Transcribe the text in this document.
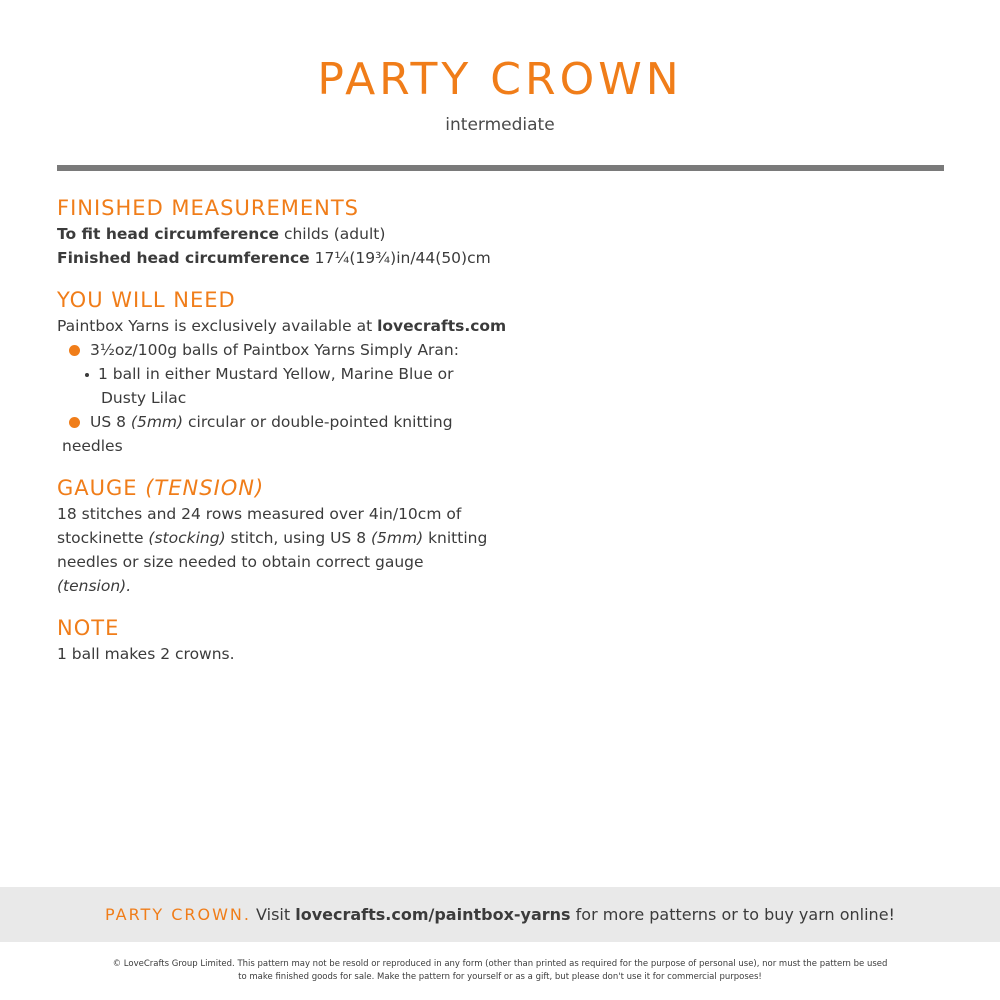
PARTY CROWN
intermediate
FINISHED MEASUREMENTS
To fit head circumference childs (adult)
Finished head circumference 17¼(19¾)in/44(50)cm
YOU WILL NEED
Paintbox Yarns is exclusively available at lovecrafts.com
3½oz/100g balls of Paintbox Yarns Simply Aran:
1 ball in either Mustard Yellow, Marine Blue or
Dusty Lilac
US 8 (5mm) circular or double-pointed knitting
needles
GAUGE (TENSION)
18 stitches and 24 rows measured over 4in/10cm of stockinette (stocking) stitch, using US 8 (5mm) knitting needles or size needed to obtain correct gauge (tension).
NOTE
1 ball makes 2 crowns.
PARTY CROWN. Visit lovecrafts.com/paintbox-yarns for more patterns or to buy yarn online!
© LoveCrafts Group Limited. This pattern may not be resold or reproduced in any form (other than printed as required for the purpose of personal use), nor must the pattern be used
to make finished goods for sale. Make the pattern for yourself or as a gift, but please don't use it for commercial purposes!
